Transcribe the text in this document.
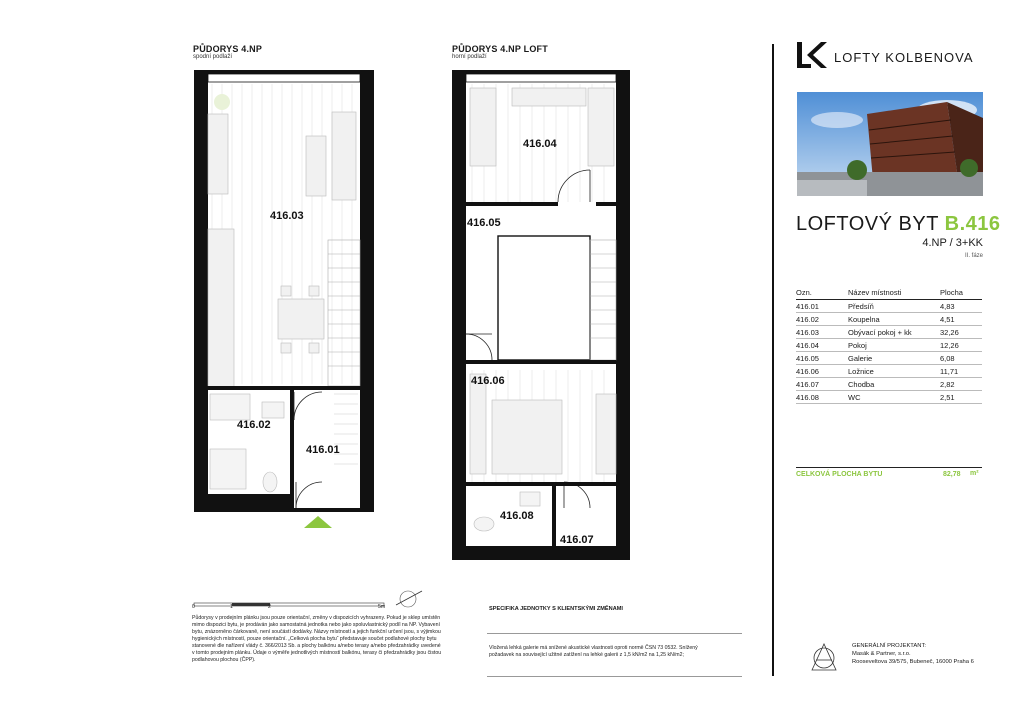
PŮDORYS 4.NP
spodní podlaží
PŮDORYS 4.NP LOFT
horní podlaží
416.03
416.02
416.01
416.04
416.05
416.06
416.08
416.07
0	1	2	5m
Půdorysy v prodejním plánku jsou pouze orientační, změny v dispozicích vyhrazeny. Pokud je sklep umístěn mimo dispozici bytu, je prodáván jako samostatná jednotka nebo jako spoluvlastnický podíl na NP. Vybavení bytu, znázorněno čárkovaně, není součástí dodávky. Názvy místností a jejich funkční určení jsou, s výjimkou hygienických místností, pouze orientační. „Celková plocha bytu“ představuje součet podlahové plochy bytu stanovené dle nařízení vlády č. 366/2013 Sb. a plochy balkónu a/nebo terasy a/nebo předzahrádky uvedené v tomto prodejním plánku. Údaje o výměře jednotlivých místností balkónu, terasy či předzahrádky jsou čistou podlahovou plochou (ČPP).
SPECIFIKA JEDNOTKY S KLIENTSKÝMI ZMĚNAMI
Vložená lehká galerie má snížené akustické vlastnosti oproti normě ČSN 73 0532. Snížený požadavek na související užitné zatížení na lehké galerii z 1,5 kN/m2 na 1,25 kN/m2;
LOFTY KOLBENOVA
LOFTOVÝ BYT B.416
4.NP / 3+KK
II. fáze
Ozn.	Název místnosti	Plocha
416.01	Předsíň	4,83
416.02	Koupelna	4,51
416.03	Obývací pokoj + kk	32,26
416.04	Pokoj	12,26
416.05	Galerie	6,08
416.06	Ložnice	11,71
416.07	Chodba	2,82
416.08	WC	2,51
CELKOVÁ PLOCHA BYTU	82,78 m²
GENERÁLNÍ PROJEKTANT:
Masák & Partner, s.r.o.
Rooseveltova 39/575, Bubeneč, 16000 Praha 6
